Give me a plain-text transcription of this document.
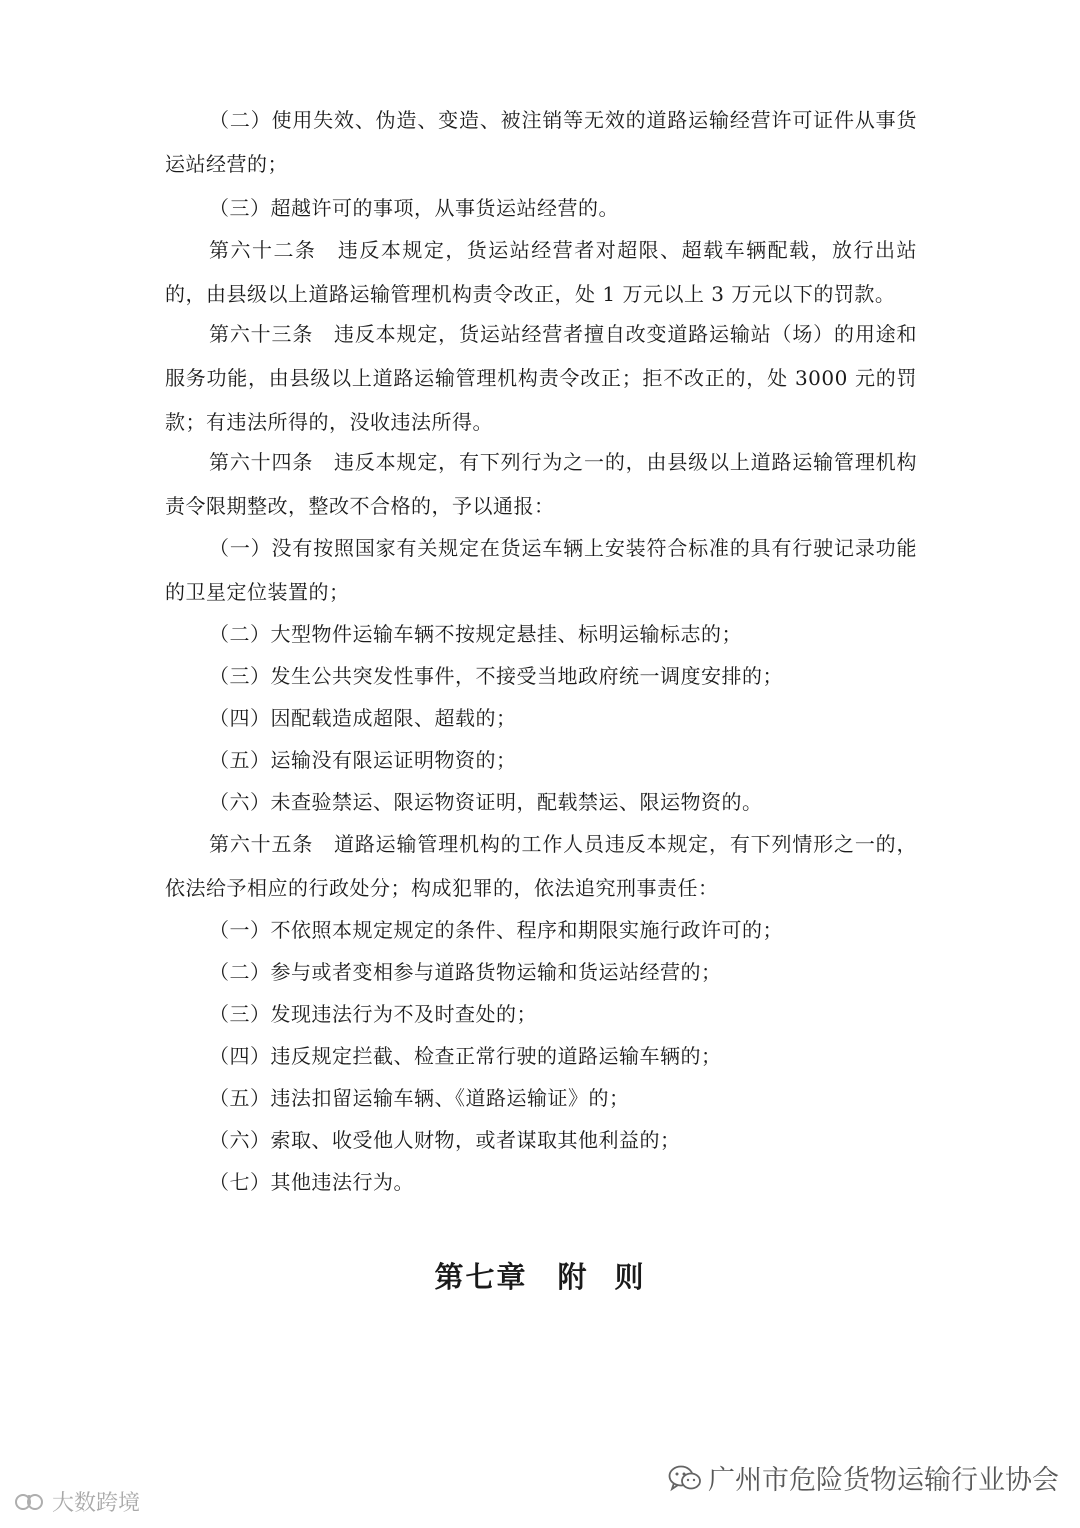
（二）使用失效、伪造、变造、被注销等无效的道路运输经营许可证件从事货运站经营的；

（三）超越许可的事项，从事货运站经营的。

第六十二条　违反本规定，货运站经营者对超限、超载车辆配载，放行出站的，由县级以上道路运输管理机构责令改正，处 1 万元以上 3 万元以下的罚款。

第六十三条　违反本规定，货运站经营者擅自改变道路运输站（场）的用途和服务功能，由县级以上道路运输管理机构责令改正；拒不改正的，处 3000 元的罚款；有违法所得的，没收违法所得。

第六十四条　违反本规定，有下列行为之一的，由县级以上道路运输管理机构责令限期整改，整改不合格的，予以通报：

（一）没有按照国家有关规定在货运车辆上安装符合标准的具有行驶记录功能的卫星定位装置的；

（二）大型物件运输车辆不按规定悬挂、标明运输标志的；

（三）发生公共突发性事件，不接受当地政府统一调度安排的；

（四）因配载造成超限、超载的；

（五）运输没有限运证明物资的；

（六）未查验禁运、限运物资证明，配载禁运、限运物资的。

第六十五条　道路运输管理机构的工作人员违反本规定，有下列情形之一的，依法给予相应的行政处分；构成犯罪的，依法追究刑事责任：

（一）不依照本规定规定的条件、程序和期限实施行政许可的；

（二）参与或者变相参与道路货物运输和货运站经营的；

（三）发现违法行为不及时查处的；

（四）违反规定拦截、检查正常行驶的道路运输车辆的；

（五）违法扣留运输车辆、《道路运输证》的；

（六）索取、收受他人财物，或者谋取其他利益的；

（七）其他违法行为。

第七章 附 则
广州市危险货物运输行业协会
大数跨境
